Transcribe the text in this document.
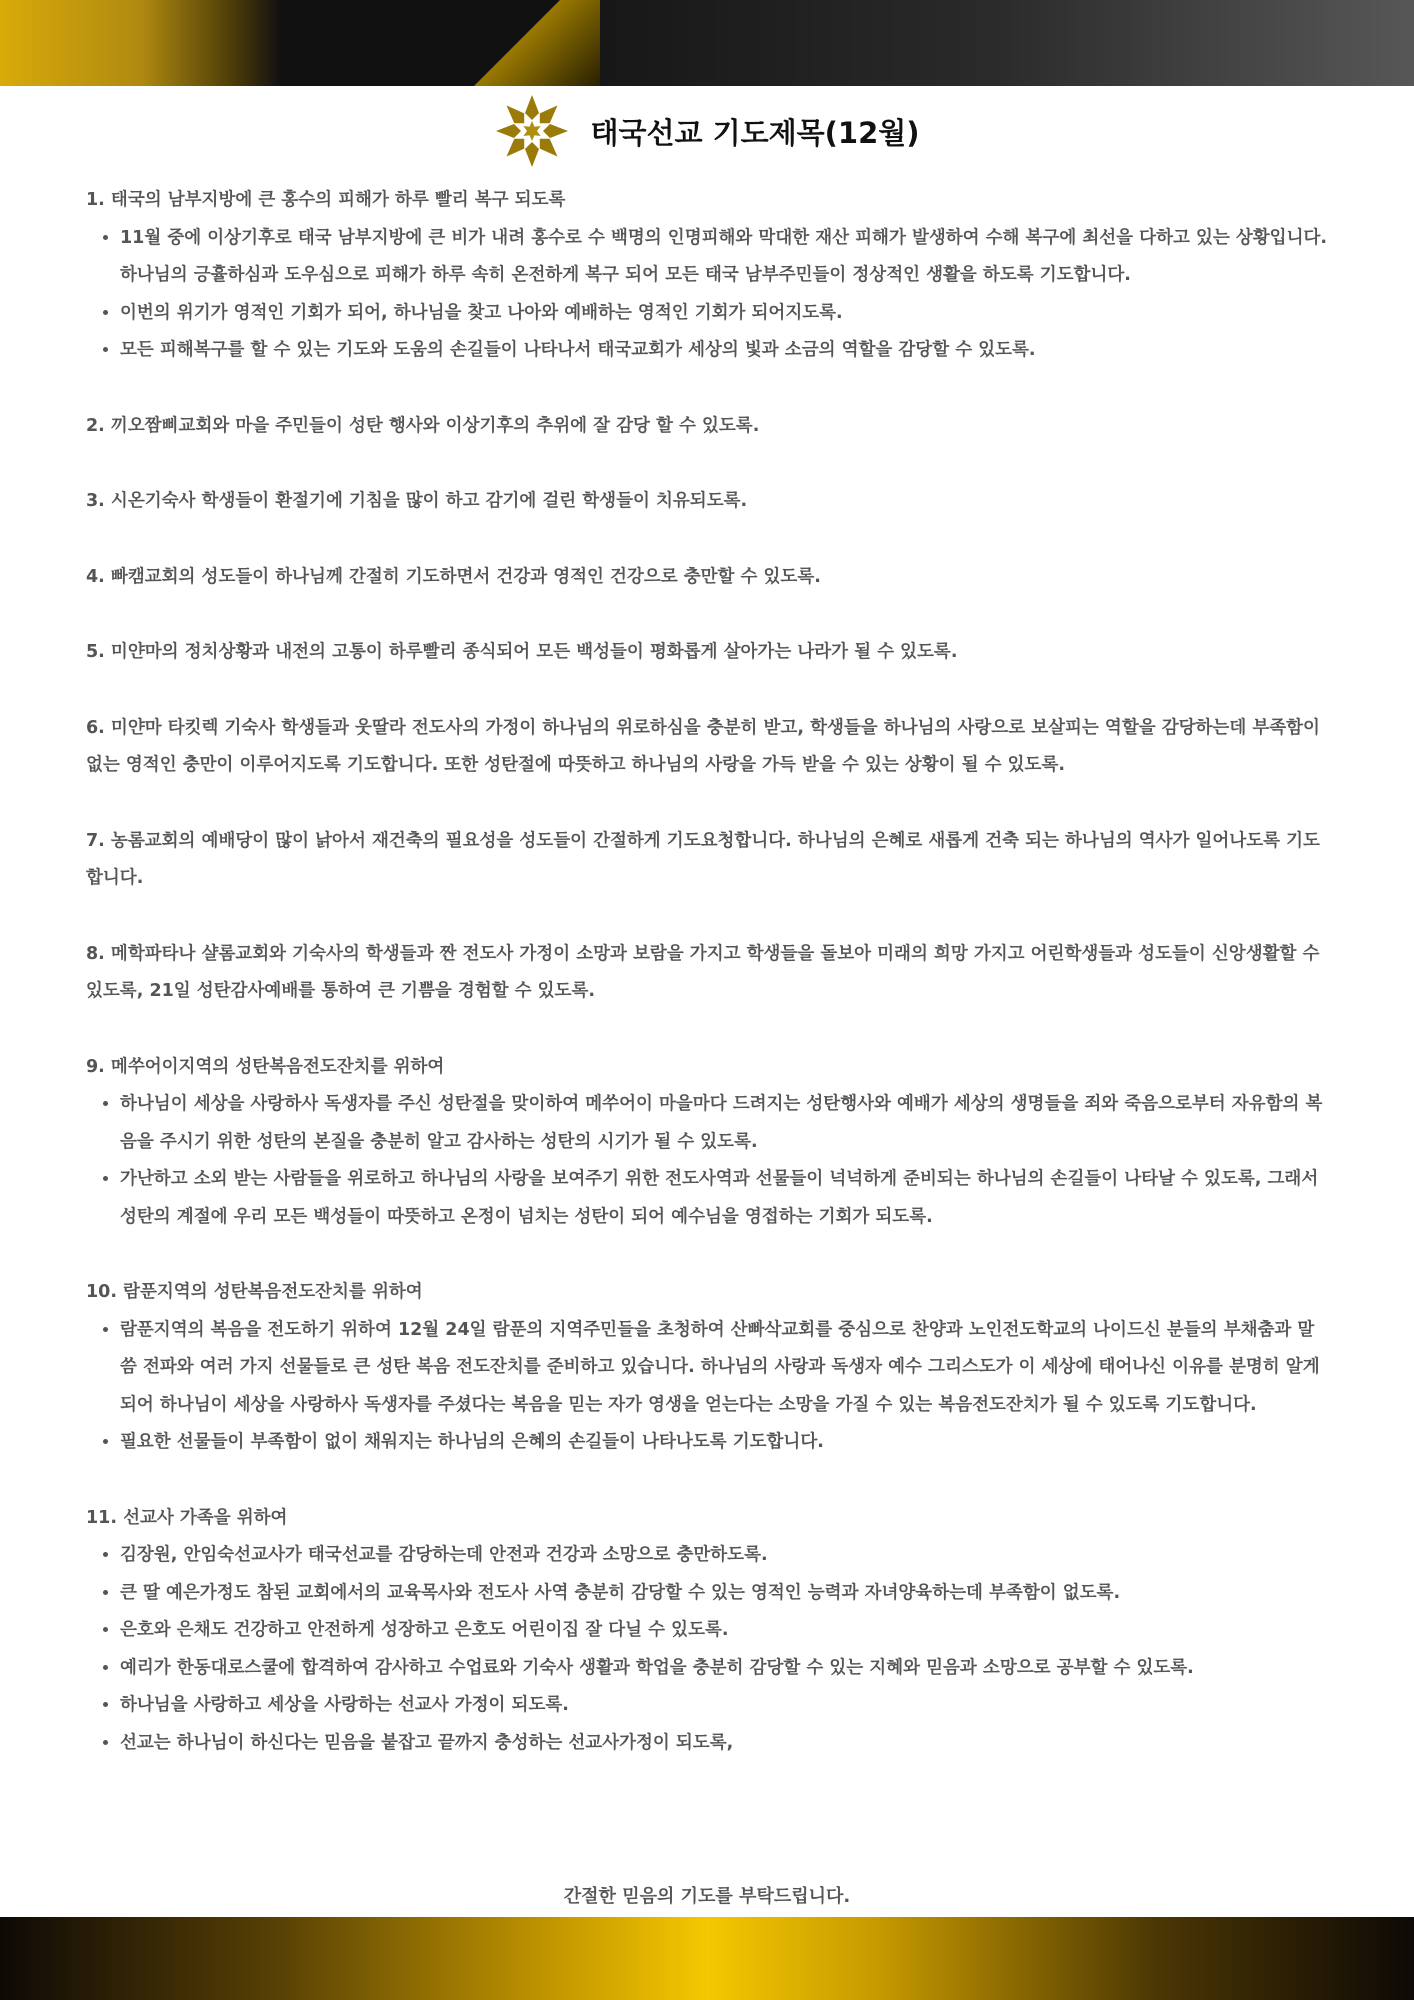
태국선교 기도제목(12월)

1. 태국의 남부지방에 큰 홍수의 피해가 하루 빨리 복구 되도록

• 11월 중에 이상기후로 태국 남부지방에 큰 비가 내려 홍수로 수 백명의 인명피해와 막대한 재산 피해가 발생하여 수해 복구에 최선을 다하고 있는 상황입니다. 하나님의 긍휼하심과 도우심으로 피해가 하루 속히 온전하게 복구 되어 모든 태국 남부주민들이 정상적인 생활을 하도록 기도합니다.
• 이번의 위기가 영적인 기회가 되어, 하나님을 찾고 나아와 예배하는 영적인 기회가 되어지도록.
• 모든 피해복구를 할 수 있는 기도와 도움의 손길들이 나타나서 태국교회가 세상의 빛과 소금의 역할을 감당할 수 있도록.

2. 끼오짬삐교회와 마을 주민들이 성탄 행사와 이상기후의 추위에 잘 감당 할 수 있도록.

3. 시온기숙사 학생들이 환절기에 기침을 많이 하고 감기에 걸린 학생들이 치유되도록.

4. 빠캠교회의 성도들이 하나님께 간절히 기도하면서 건강과 영적인 건강으로 충만할 수 있도록.

5. 미얀마의 정치상황과 내전의 고통이 하루빨리 종식되어 모든 백성들이 평화롭게 살아가는 나라가 될 수 있도록.

6. 미얀마 타킷렉 기숙사 학생들과 웃딸라 전도사의 가정이 하나님의 위로하심을 충분히 받고, 학생들을 하나님의 사랑으로 보살피는 역할을 감당하는데 부족함이 없는 영적인 충만이 이루어지도록 기도합니다. 또한 성탄절에 따뜻하고 하나님의 사랑을 가득 받을 수 있는 상황이 될 수 있도록.

7. 농롬교회의 예배당이 많이 낡아서 재건축의 필요성을 성도들이 간절하게 기도요청합니다. 하나님의 은혜로 새롭게 건축 되는 하나님의 역사가 일어나도록 기도합니다.

8. 메학파타나 샬롬교회와 기숙사의 학생들과 짠 전도사 가정이 소망과 보람을 가지고 학생들을 돌보아 미래의 희망 가지고 어린학생들과 성도들이 신앙생활할 수 있도록, 21일 성탄감사예배를 통하여 큰 기쁨을 경험할 수 있도록.

9. 메쑤어이지역의 성탄복음전도잔치를 위하여

• 하나님이 세상을 사랑하사 독생자를 주신 성탄절을 맞이하여 메쑤어이 마을마다 드려지는 성탄행사와 예배가 세상의 생명들을 죄와 죽음으로부터 자유함의 복음을 주시기 위한 성탄의 본질을 충분히 알고 감사하는 성탄의 시기가 될 수 있도록.
• 가난하고 소외 받는 사람들을 위로하고 하나님의 사랑을 보여주기 위한 전도사역과 선물들이 넉넉하게 준비되는 하나님의 손길들이 나타날 수 있도록, 그래서 성탄의 계절에 우리 모든 백성들이 따뜻하고 온정이 넘치는 성탄이 되어 예수님을 영접하는 기회가 되도록.

10. 람푼지역의 성탄복음전도잔치를 위하여

• 람푼지역의 복음을 전도하기 위하여 12월 24일 람푼의 지역주민들을 초청하여 산빠삭교회를 중심으로 찬양과 노인전도학교의 나이드신 분들의 부채춤과 말씀 전파와 여러 가지 선물들로 큰 성탄 복음 전도잔치를 준비하고 있습니다. 하나님의 사랑과 독생자 예수 그리스도가 이 세상에 태어나신 이유를 분명히 알게 되어 하나님이 세상을 사랑하사 독생자를 주셨다는 복음을 믿는 자가 영생을 얻는다는 소망을 가질 수 있는 복음전도잔치가 될 수 있도록 기도합니다.
• 필요한 선물들이 부족함이 없이 채워지는 하나님의 은혜의 손길들이 나타나도록 기도합니다.

11. 선교사 가족을 위하여

• 김장원, 안임숙선교사가 태국선교를 감당하는데 안전과 건강과 소망으로 충만하도록.
• 큰 딸 예은가정도 참된 교회에서의 교육목사와 전도사 사역 충분히 감당할 수 있는 영적인 능력과 자녀양육하는데 부족함이 없도록.
• 은호와 은채도 건강하고 안전하게 성장하고 은호도 어린이집 잘 다닐 수 있도록.
• 예리가 한동대로스쿨에 합격하여 감사하고 수업료와 기숙사 생활과 학업을 충분히 감당할 수 있는 지혜와 믿음과 소망으로 공부할 수 있도록.
• 하나님을 사랑하고 세상을 사랑하는 선교사 가정이 되도록.
• 선교는 하나님이 하신다는 믿음을 붙잡고 끝까지 충성하는 선교사가정이 되도록,
간절한 믿음의 기도를 부탁드립니다.
